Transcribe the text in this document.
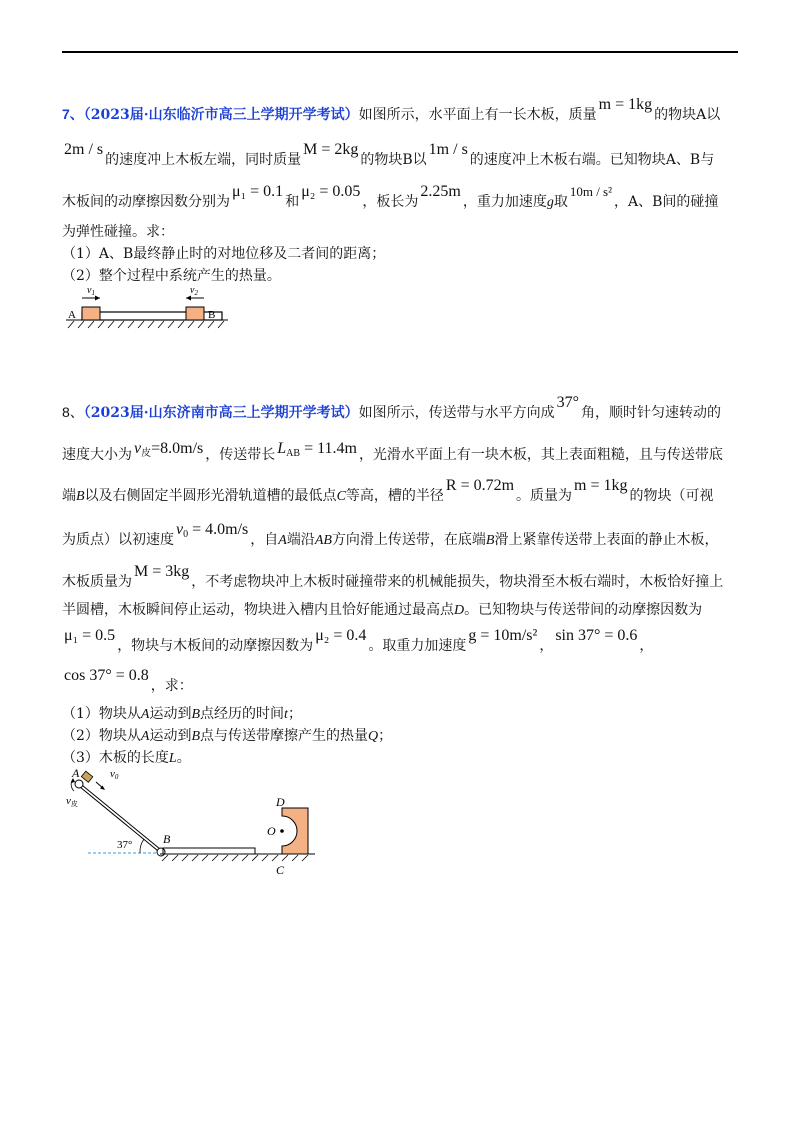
7、（2023届·山东临沂市高三上学期开学考试）如图所示，水平面上有一长木板，质量m = 1kg的物块A以
2m / s的速度冲上木板左端，同时质量M = 2kg的物块B以1m / s的速度冲上木板右端。已知物块A、B与
木板间的动摩擦因数分别为μ₁ = 0.1和μ₂ = 0.05，板长为2.25m，重力加速度g取10m / s²，A、B间的碰撞
为弹性碰撞。求：
（1）A、B最终静止时的对地位移及二者间的距离；
（2）整个过程中系统产生的热量。
A	B
$v_1$	$v_2$
8、（2023届·山东济南市高三上学期开学考试）如图所示，传送带与水平方向成37°角，顺时针匀速转动的
速度大小为 $v_皮=8.0m/s$ ，传送带长 $L_{AB} = 11.4m$ ，光滑水平面上有一块木板，其上表面粗糙，且与传送带底
端B以及右侧固定半圆形光滑轨道槽的最低点C等高，槽的半径R = 0.72m。质量为m = 1kg的物块（可视
为质点）以初速度$v_0 = 4.0m/s$，自A端沿AB方向滑上传送带，在底端B滑上紧靠传送带上表面的静止木板，
木板质量为M = 3kg，不考虑物块冲上木板时碰撞带来的机械能损失，物块滑至木板右端时，木板恰好撞上
半圆槽，木板瞬间停止运动，物块进入槽内且恰好能通过最高点D。已知物块与传送带间的动摩擦因数为
μ₁ = 0.5，物块与木板间的动摩擦因数为μ₂ = 0.4。取重力加速度g = 10m/s²，sin 37° = 0.6，
cos 37° = 0.8，求：
（1）物块从A运动到B点经历的时间t；
（2）物块从A运动到B点与传送带摩擦产生的热量Q；
（3）木板的长度L。
A
B
C
D
O
v0
v皮
37°
